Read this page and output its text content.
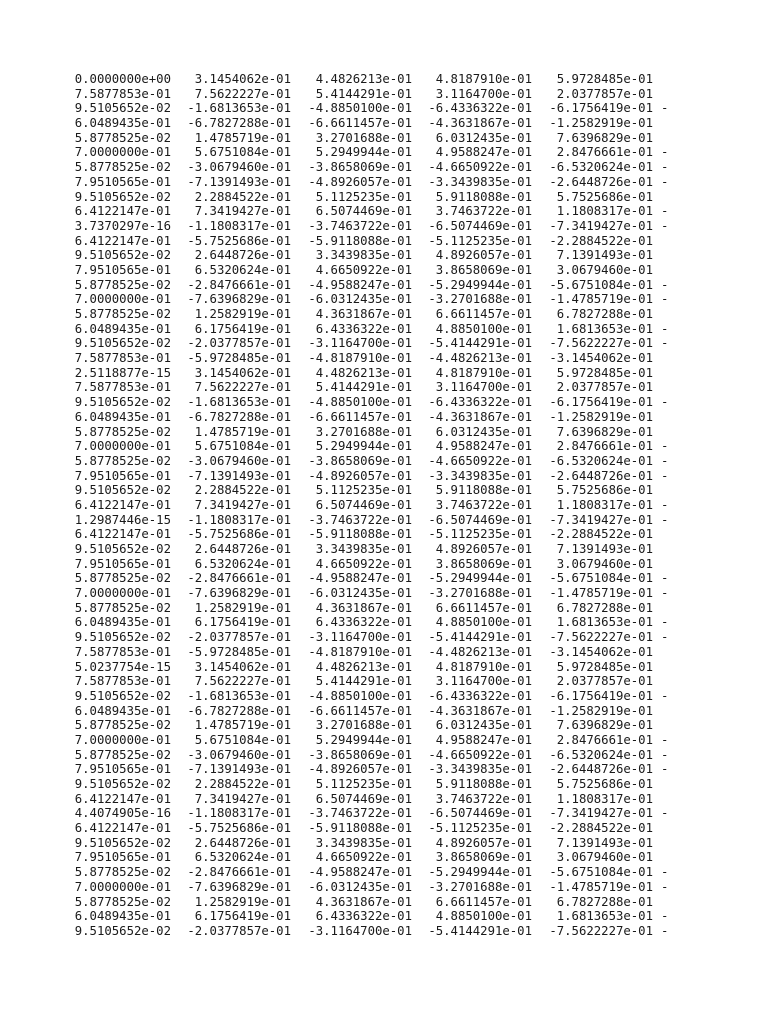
0.0000000e+00	3.1454062e-01	4.4826213e-01	4.8187910e-01	5.9728485e-01	
7.5877853e-01	7.5622227e-01	5.4144291e-01	3.1164700e-01	2.0377857e-01	
9.5105652e-02	-1.6813653e-01	-4.8850100e-01	-6.4336322e-01	-6.1756419e-01	-
6.0489435e-01	-6.7827288e-01	-6.6611457e-01	-4.3631867e-01	-1.2582919e-01	
5.8778525e-02	1.4785719e-01	3.2701688e-01	6.0312435e-01	7.6396829e-01	
7.0000000e-01	5.6751084e-01	5.2949944e-01	4.9588247e-01	2.8476661e-01	-
5.8778525e-02	-3.0679460e-01	-3.8658069e-01	-4.6650922e-01	-6.5320624e-01	-
7.9510565e-01	-7.1391493e-01	-4.8926057e-01	-3.3439835e-01	-2.6448726e-01	-
9.5105652e-02	2.2884522e-01	5.1125235e-01	5.9118088e-01	5.7525686e-01	
6.4122147e-01	7.3419427e-01	6.5074469e-01	3.7463722e-01	1.1808317e-01	-
3.7370297e-16	-1.1808317e-01	-3.7463722e-01	-6.5074469e-01	-7.3419427e-01	-
6.4122147e-01	-5.7525686e-01	-5.9118088e-01	-5.1125235e-01	-2.2884522e-01	
9.5105652e-02	2.6448726e-01	3.3439835e-01	4.8926057e-01	7.1391493e-01	
7.9510565e-01	6.5320624e-01	4.6650922e-01	3.8658069e-01	3.0679460e-01	
5.8778525e-02	-2.8476661e-01	-4.9588247e-01	-5.2949944e-01	-5.6751084e-01	-
7.0000000e-01	-7.6396829e-01	-6.0312435e-01	-3.2701688e-01	-1.4785719e-01	-
5.8778525e-02	1.2582919e-01	4.3631867e-01	6.6611457e-01	6.7827288e-01	
6.0489435e-01	6.1756419e-01	6.4336322e-01	4.8850100e-01	1.6813653e-01	-
9.5105652e-02	-2.0377857e-01	-3.1164700e-01	-5.4144291e-01	-7.5622227e-01	-
7.5877853e-01	-5.9728485e-01	-4.8187910e-01	-4.4826213e-01	-3.1454062e-01	
2.5118877e-15	3.1454062e-01	4.4826213e-01	4.8187910e-01	5.9728485e-01	
7.5877853e-01	7.5622227e-01	5.4144291e-01	3.1164700e-01	2.0377857e-01	
9.5105652e-02	-1.6813653e-01	-4.8850100e-01	-6.4336322e-01	-6.1756419e-01	-
6.0489435e-01	-6.7827288e-01	-6.6611457e-01	-4.3631867e-01	-1.2582919e-01	
5.8778525e-02	1.4785719e-01	3.2701688e-01	6.0312435e-01	7.6396829e-01	
7.0000000e-01	5.6751084e-01	5.2949944e-01	4.9588247e-01	2.8476661e-01	-
5.8778525e-02	-3.0679460e-01	-3.8658069e-01	-4.6650922e-01	-6.5320624e-01	-
7.9510565e-01	-7.1391493e-01	-4.8926057e-01	-3.3439835e-01	-2.6448726e-01	-
9.5105652e-02	2.2884522e-01	5.1125235e-01	5.9118088e-01	5.7525686e-01	
6.4122147e-01	7.3419427e-01	6.5074469e-01	3.7463722e-01	1.1808317e-01	-
1.2987446e-15	-1.1808317e-01	-3.7463722e-01	-6.5074469e-01	-7.3419427e-01	-
6.4122147e-01	-5.7525686e-01	-5.9118088e-01	-5.1125235e-01	-2.2884522e-01	
9.5105652e-02	2.6448726e-01	3.3439835e-01	4.8926057e-01	7.1391493e-01	
7.9510565e-01	6.5320624e-01	4.6650922e-01	3.8658069e-01	3.0679460e-01	
5.8778525e-02	-2.8476661e-01	-4.9588247e-01	-5.2949944e-01	-5.6751084e-01	-
7.0000000e-01	-7.6396829e-01	-6.0312435e-01	-3.2701688e-01	-1.4785719e-01	-
5.8778525e-02	1.2582919e-01	4.3631867e-01	6.6611457e-01	6.7827288e-01	
6.0489435e-01	6.1756419e-01	6.4336322e-01	4.8850100e-01	1.6813653e-01	-
9.5105652e-02	-2.0377857e-01	-3.1164700e-01	-5.4144291e-01	-7.5622227e-01	-
7.5877853e-01	-5.9728485e-01	-4.8187910e-01	-4.4826213e-01	-3.1454062e-01	
5.0237754e-15	3.1454062e-01	4.4826213e-01	4.8187910e-01	5.9728485e-01	
7.5877853e-01	7.5622227e-01	5.4144291e-01	3.1164700e-01	2.0377857e-01	
9.5105652e-02	-1.6813653e-01	-4.8850100e-01	-6.4336322e-01	-6.1756419e-01	-
6.0489435e-01	-6.7827288e-01	-6.6611457e-01	-4.3631867e-01	-1.2582919e-01	
5.8778525e-02	1.4785719e-01	3.2701688e-01	6.0312435e-01	7.6396829e-01	
7.0000000e-01	5.6751084e-01	5.2949944e-01	4.9588247e-01	2.8476661e-01	-
5.8778525e-02	-3.0679460e-01	-3.8658069e-01	-4.6650922e-01	-6.5320624e-01	-
7.9510565e-01	-7.1391493e-01	-4.8926057e-01	-3.3439835e-01	-2.6448726e-01	-
9.5105652e-02	2.2884522e-01	5.1125235e-01	5.9118088e-01	5.7525686e-01	
6.4122147e-01	7.3419427e-01	6.5074469e-01	3.7463722e-01	1.1808317e-01	
4.4074905e-16	-1.1808317e-01	-3.7463722e-01	-6.5074469e-01	-7.3419427e-01	-
6.4122147e-01	-5.7525686e-01	-5.9118088e-01	-5.1125235e-01	-2.2884522e-01	
9.5105652e-02	2.6448726e-01	3.3439835e-01	4.8926057e-01	7.1391493e-01	
7.9510565e-01	6.5320624e-01	4.6650922e-01	3.8658069e-01	3.0679460e-01	
5.8778525e-02	-2.8476661e-01	-4.9588247e-01	-5.2949944e-01	-5.6751084e-01	-
7.0000000e-01	-7.6396829e-01	-6.0312435e-01	-3.2701688e-01	-1.4785719e-01	-
5.8778525e-02	1.2582919e-01	4.3631867e-01	6.6611457e-01	6.7827288e-01	
6.0489435e-01	6.1756419e-01	6.4336322e-01	4.8850100e-01	1.6813653e-01	-
9.5105652e-02	-2.0377857e-01	-3.1164700e-01	-5.4144291e-01	-7.5622227e-01	-
